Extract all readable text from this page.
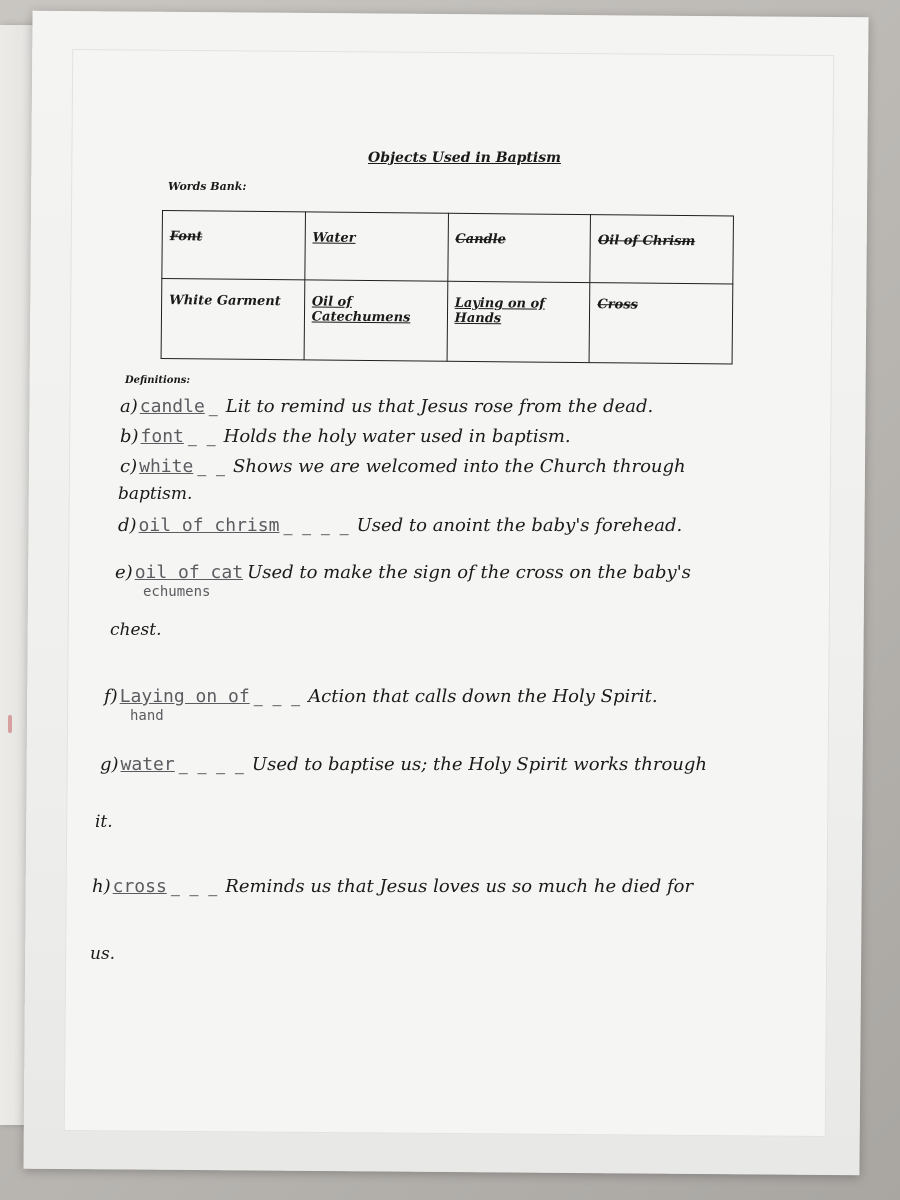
Objects Used in Baptism
Words Bank:
Font	Water	Candle	Oil of Chrism
White Garment	Oil of Catechumens	Laying on of Hands	Cross
Definitions:
a) candle _ Lit to remind us that Jesus rose from the dead.
b) font _ _ Holds the holy water used in baptism.
c) white _ _ Shows we are welcomed into the Church through
baptism.
d) oil of chrism _ _ _ _ Used to anoint the baby's forehead.
e) oil of cat Used to make the sign of the cross on the baby's
echumens
chest.
f) Laying on of _ _ _ Action that calls down the Holy Spirit.
hand
g) water _ _ _ _ Used to baptise us; the Holy Spirit works through
it.
h) cross _ _ _ Reminds us that Jesus loves us so much he died for
us.
